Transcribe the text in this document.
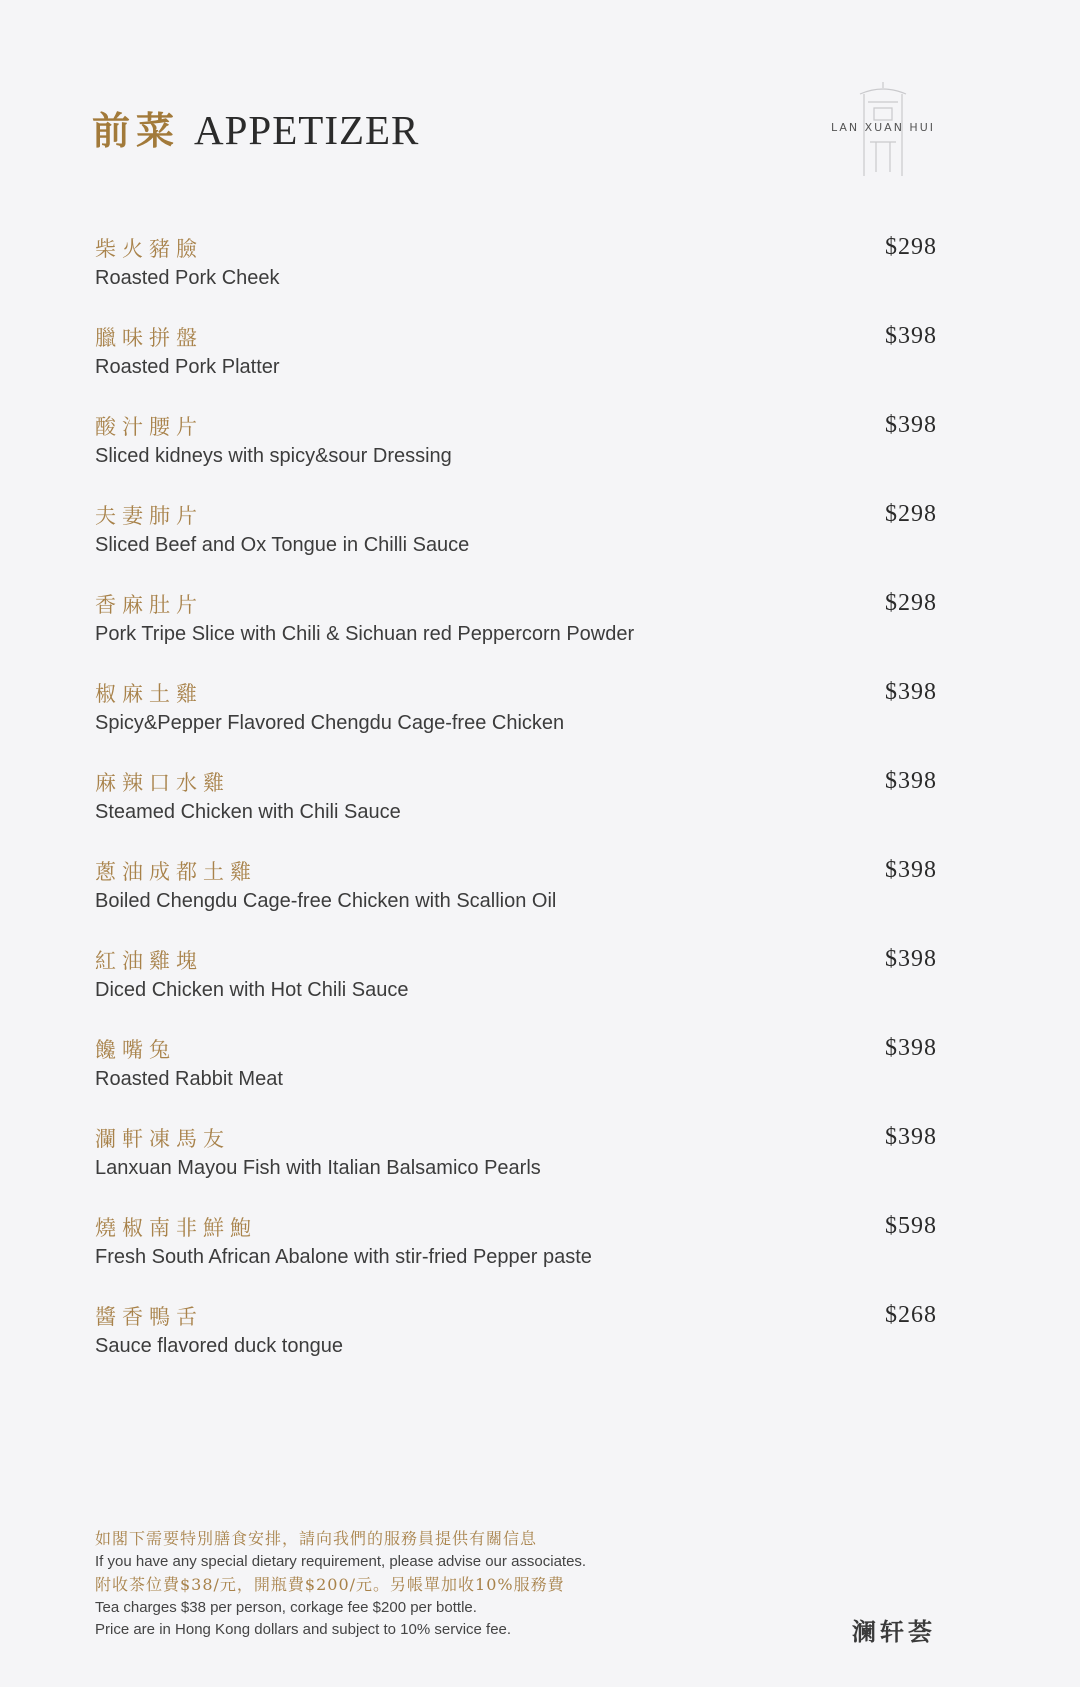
前菜 APPETIZER	LAN XUAN HUI
柴火豬臉
Roasted Pork Cheek
$298
臘味拼盤
Roasted Pork Platter
$398
酸汁腰片
Sliced kidneys with spicy&sour Dressing
$398
夫妻肺片
Sliced Beef and Ox Tongue in Chilli Sauce
$298
香麻肚片
Pork Tripe Slice with Chili & Sichuan red Peppercorn Powder
$298
椒麻土雞
Spicy&Pepper Flavored Chengdu Cage-free Chicken
$398
麻辣口水雞
Steamed Chicken with Chili Sauce
$398
蔥油成都土雞
Boiled Chengdu Cage-free Chicken with Scallion Oil
$398
紅油雞塊
Diced Chicken with Hot Chili Sauce
$398
饞嘴兔
Roasted Rabbit Meat
$398
瀾軒凍馬友
Lanxuan Mayou Fish with Italian Balsamico Pearls
$398
燒椒南非鮮鮑
Fresh South African Abalone with stir-fried Pepper paste
$598
醬香鴨舌
Sauce flavored duck tongue
$268
如閣下需要特別膳食安排，請向我們的服務員提供有關信息
If you have any special dietary requirement, please advise our associates.
附收茶位費$38/元，開瓶費$200/元。另帳單加收10%服務費
Tea charges $38 per person, corkage fee $200 per bottle.
Price are in Hong Kong dollars and subject to 10% service fee.	澜轩荟
